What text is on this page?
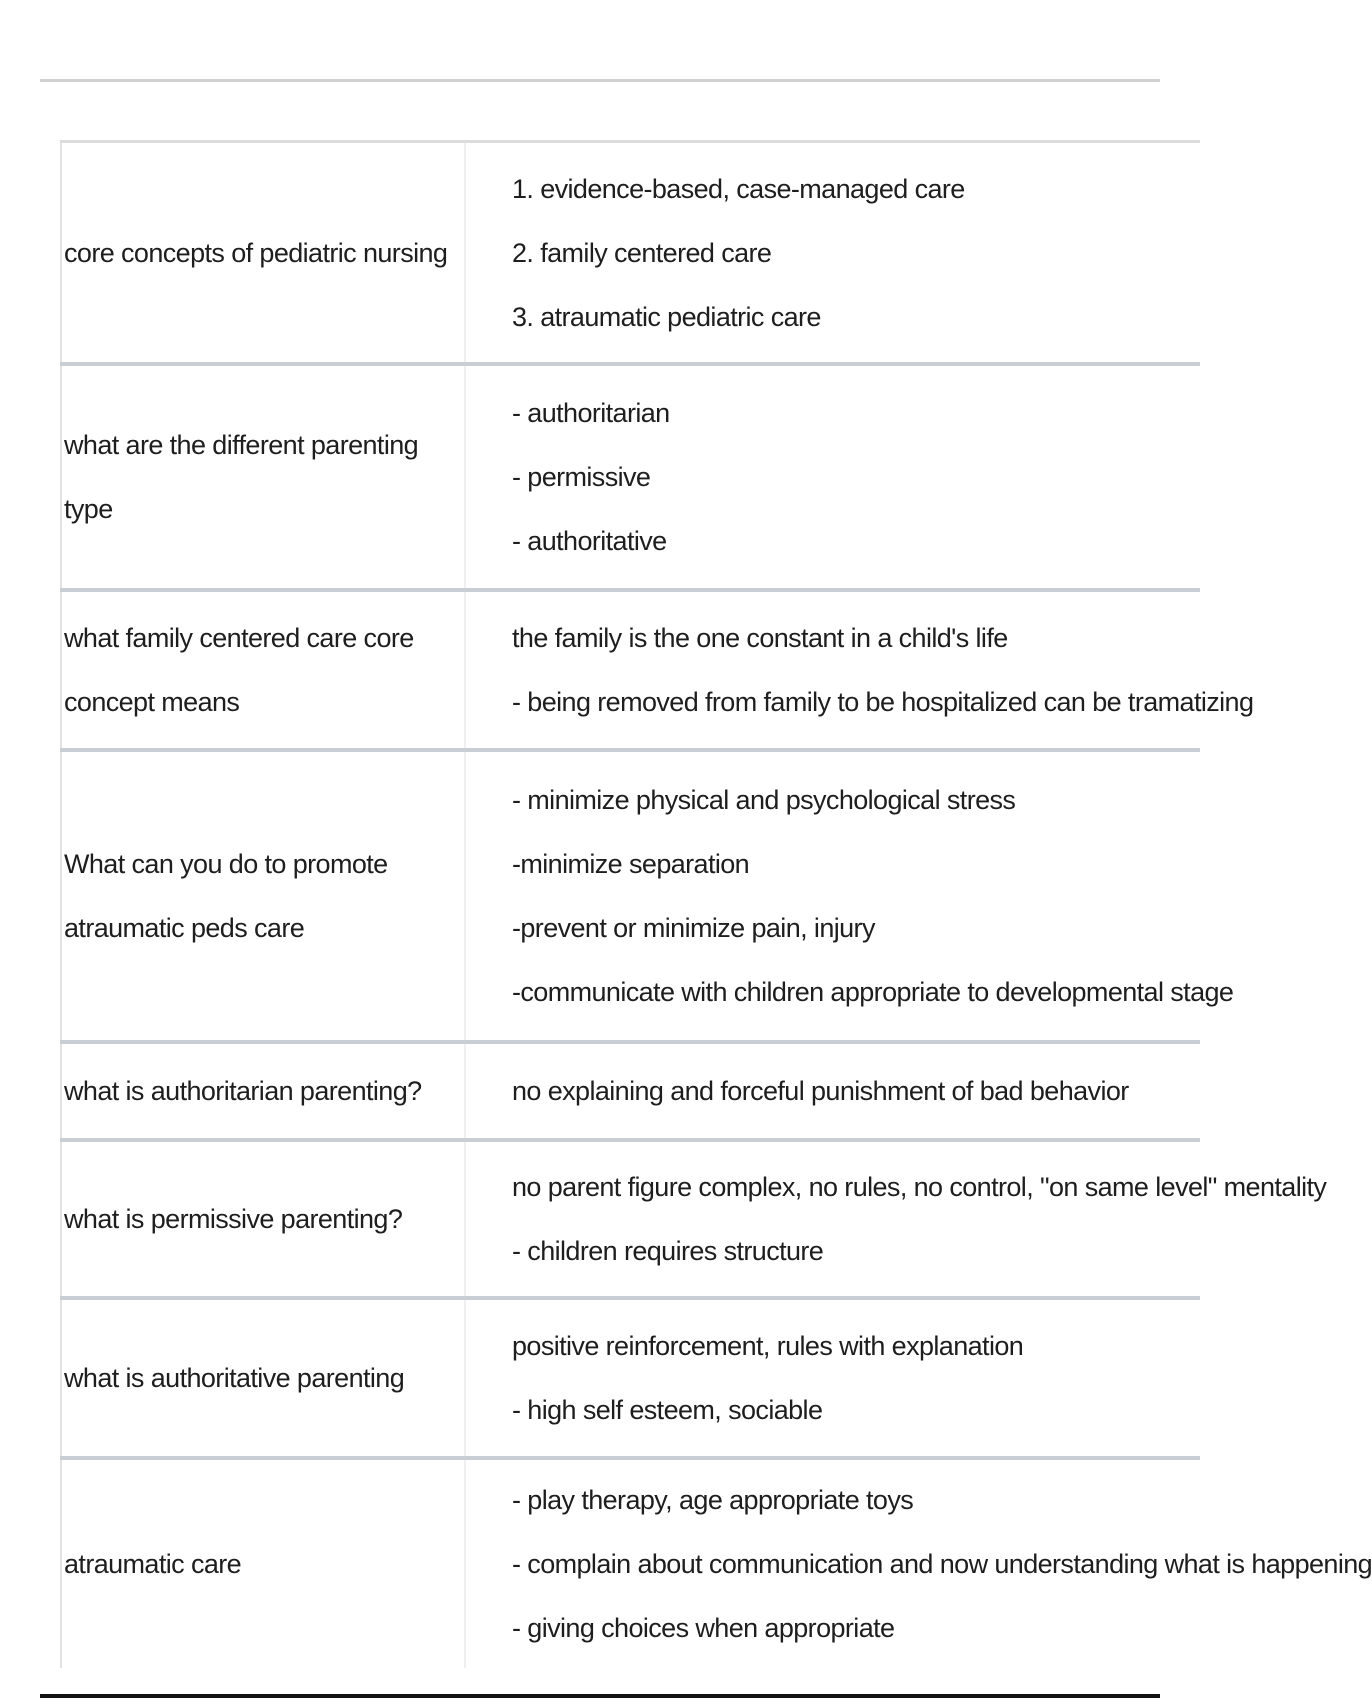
core concepts of pediatric nursing
1. evidence-based, case-managed care
2. family centered care
3. atraumatic pediatric care
what are the different parenting type
- authoritarian
- permissive
- authoritative
what family centered care core concept means
the family is the one constant in a child's life
- being removed from family to be hospitalized can be tramatizing
What can you do to promote atraumatic peds care
- minimize physical and psychological stress
-minimize separation
-prevent or minimize pain, injury
-communicate with children appropriate to developmental stage
what is authoritarian parenting?	no explaining and forceful punishment of bad behavior
what is permissive parenting?
no parent figure complex, no rules, no control, "on same level" mentality
- children requires structure
what is authoritative parenting
positive reinforcement, rules with explanation
- high self esteem, sociable
atraumatic care
- play therapy, age appropriate toys
- complain about communication and now understanding what is happening
- giving choices when appropriate
